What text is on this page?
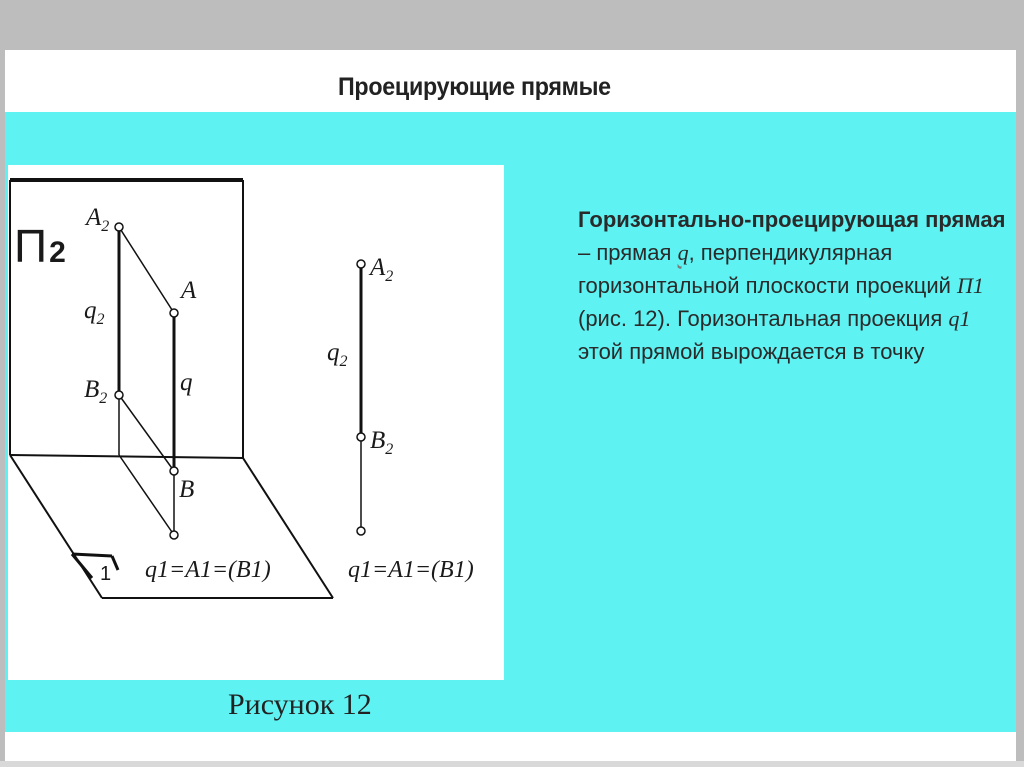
Проецирующие прямые
П2
1
$A_2$
A
$q_2$
q
$B_2$
B
q1=A1=(B1)
$A_2$
$q_2$
$B_2$
q1=A1=(B1)
Рисунок 12
Горизонтально-проецирующая прямая – прямая q, перпендикулярная горизонтальной плоскости проекций П1 (рис. 12). Горизонтальная проекция q1 этой прямой вырождается в точку
